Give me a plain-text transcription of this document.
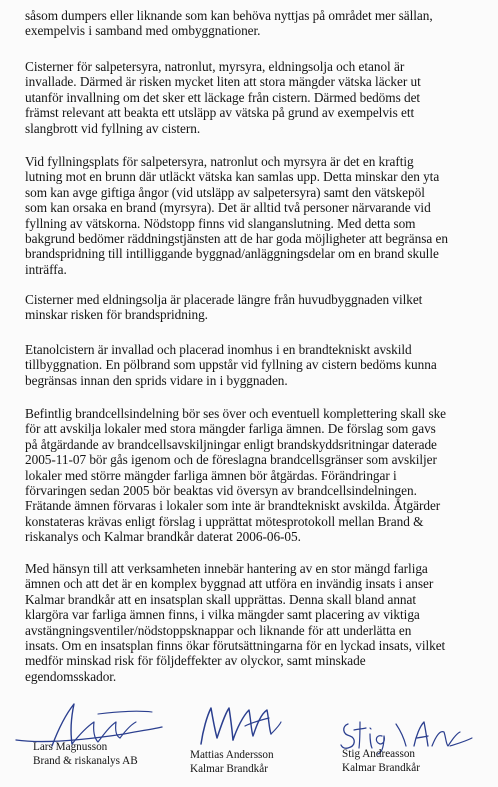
såsom dumpers eller liknande som kan behöva nyttjas på området mer sällan,
exempelvis i samband med ombyggnationer.

Cisterner för salpetersyra, natronlut, myrsyra, eldningsolja och etanol är
invallade. Därmed är risken mycket liten att stora mängder vätska läcker ut
utanför invallning om det sker ett läckage från cistern. Därmed bedöms det
främst relevant att beakta ett utsläpp av vätska på grund av exempelvis ett
slangbrott vid fyllning av cistern.

Vid fyllningsplats för salpetersyra, natronlut och myrsyra är det en kraftig
lutning mot en brunn där utläckt vätska kan samlas upp. Detta minskar den yta
som kan avge giftiga ångor (vid utsläpp av salpetersyra) samt den vätskepöl
som kan orsaka en brand (myrsyra). Det är alltid två personer närvarande vid
fyllning av vätskorna. Nödstopp finns vid slanganslutning. Med detta som
bakgrund bedömer räddningstjänsten att de har goda möjligheter att begränsa en
brandspridning till intilliggande byggnad/anläggningsdelar om en brand skulle
inträffa.

Cisterner med eldningsolja är placerade längre från huvudbyggnaden vilket
minskar risken för brandspridning.

Etanolcistern är invallad och placerad inomhus i en brandtekniskt avskild
tillbyggnation. En pölbrand som uppstår vid fyllning av cistern bedöms kunna
begränsas innan den sprids vidare in i byggnaden.

Befintlig brandcellsindelning bör ses över och eventuell komplettering skall ske
för att avskilja lokaler med stora mängder farliga ämnen. De förslag som gavs
på åtgärdande av brandcellsavskiljningar enligt brandskyddsritningar daterade
2005-11-07 bör gås igenom och de föreslagna brandcellsgränser som avskiljer
lokaler med större mängder farliga ämnen bör åtgärdas. Förändringar i
förvaringen sedan 2005 bör beaktas vid översyn av brandcellsindelningen.
Frätande ämnen förvaras i lokaler som inte är brandtekniskt avskilda. Åtgärder
konstateras krävas enligt förslag i upprättat mötesprotokoll mellan Brand &
riskanalys och Kalmar brandkår daterat 2006-06-05.

Med hänsyn till att verksamheten innebär hantering av en stor mängd farliga
ämnen och att det är en komplex byggnad att utföra en invändig insats i anser
Kalmar brandkår att en insatsplan skall upprättas. Denna skall bland annat
klargöra var farliga ämnen finns, i vilka mängder samt placering av viktiga
avstängningsventiler/nödstoppsknappar och liknande för att underlätta en
insats. Om en insatsplan finns ökar förutsättningarna för en lyckad insats, vilket
medför minskad risk för följdeffekter av olyckor, samt minskade
egendomsskador.

Lars Magnusson
Brand & riskanalys AB	Mattias Andersson
Kalmar Brandkår
Stig Andreasson
Kalmar Brandkår
